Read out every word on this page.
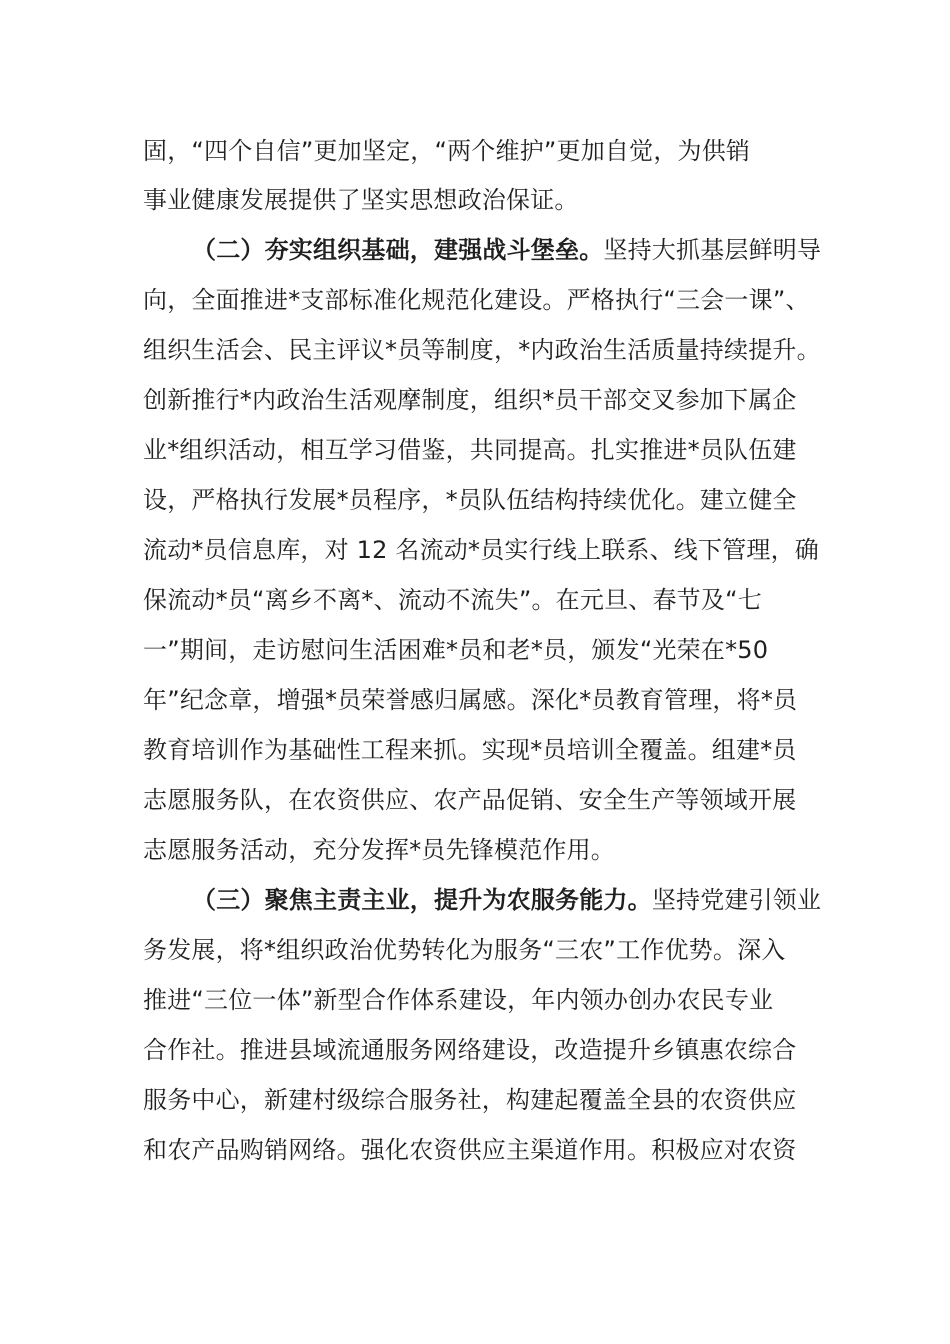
固，“四个自信”更加坚定，“两个维护”更加自觉，为供销
事业健康发展提供了坚实思想政治保证。
（二）夯实组织基础，建强战斗堡垒。坚持大抓基层鲜明导
向，全面推进*支部标准化规范化建设。严格执行“三会一课”、
组织生活会、民主评议*员等制度，*内政治生活质量持续提升。
创新推行*内政治生活观摩制度，组织*员干部交叉参加下属企
业*组织活动，相互学习借鉴，共同提高。扎实推进*员队伍建
设，严格执行发展*员程序，*员队伍结构持续优化。建立健全
流动*员信息库，对 12 名流动*员实行线上联系、线下管理，确
保流动*员“离乡不离*、流动不流失”。在元旦、春节及“七
一”期间，走访慰问生活困难*员和老*员，颁发“光荣在*50
年”纪念章，增强*员荣誉感归属感。深化*员教育管理，将*员
教育培训作为基础性工程来抓。实现*员培训全覆盖。组建*员
志愿服务队，在农资供应、农产品促销、安全生产等领域开展
志愿服务活动，充分发挥*员先锋模范作用。
（三）聚焦主责主业，提升为农服务能力。坚持党建引领业
务发展，将*组织政治优势转化为服务“三农”工作优势。深入
推进“三位一体”新型合作体系建设，年内领办创办农民专业
合作社。推进县域流通服务网络建设，改造提升乡镇惠农综合
服务中心，新建村级综合服务社，构建起覆盖全县的农资供应
和农产品购销网络。强化农资供应主渠道作用。积极应对农资
